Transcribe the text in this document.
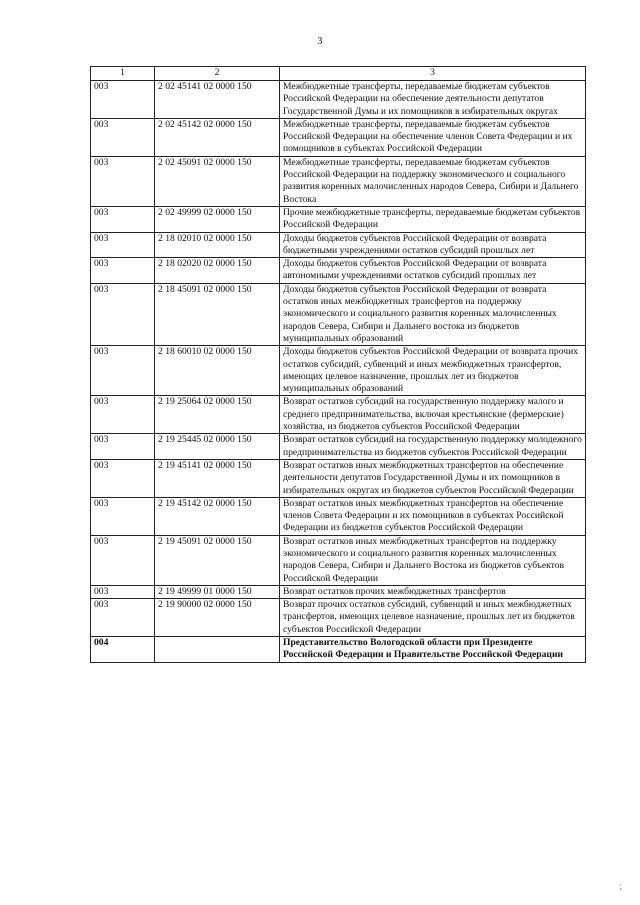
3
1	2	3
003	2 02 45141 02 0000 150	Межбюджетные трансферты, передаваемые бюджетам субъектов Российской Федерации на обеспечение деятельности депутатов Государственной Думы и их помощников в избирательных округах
003	2 02 45142 02 0000 150	Межбюджетные трансферты, передаваемые бюджетам субъектов Российской Федерации на обеспечение членов Совета Федерации и их помощников в субъектах Российской Федерации
003	2 02 45091 02 0000 150	Межбюджетные трансферты, передаваемые бюджетам субъектов Российской Федерации на поддержку экономического и социального развития коренных малочисленных народов Севера, Сибири и Дальнего Востока
003	2 02 49999 02 0000 150	Прочие межбюджетные трансферты, передаваемые бюджетам субъектов Российской Федерации
003	2 18 02010 02 0000 150	Доходы бюджетов субъектов Российской Федерации от возврата бюджетными учреждениями остатков субсидий прошлых лет
003	2 18 02020 02 0000 150	Доходы бюджетов субъектов Российской Федерации от возврата автономными учреждениями остатков субсидий прошлых лет
003	2 18 45091 02 0000 150	Доходы бюджетов субъектов Российской Федерации от возврата остатков иных межбюджетных трансфертов на поддержку экономического и социального развития коренных малочисленных народов Севера, Сибири и Дальнего востока из бюджетов муниципальных образований
003	2 18 60010 02 0000 150	Доходы бюджетов субъектов Российской Федерации от возврата прочих остатков субсидий, субвенций и иных межбюджетных трансфертов, имеющих целевое назначение, прошлых лет из бюджетов муниципальных образований
003	2 19 25064 02 0000 150	Возврат остатков субсидий на государственную поддержку малого и среднего предпринимательства, включая крестьянские (фермерские) хозяйства, из бюджетов субъектов Российской Федерации
003	2 19 25445 02 0000 150	Возврат остатков субсидий на государственную поддержку молодежного предпринимательства из бюджетов субъектов Российской Федерации
003	2 19 45141 02 0000 150	Возврат остатков иных межбюджетных трансфертов на обеспечение деятельности депутатов Государственной Думы и их помощников в избирательных округах из бюджетов субъектов Российской Федерации
003	2 19 45142 02 0000 150	Возврат остатков иных межбюджетных трансфертов на обеспечение членов Совета Федерации и их помощников в субъектах Российской Федерации из бюджетов субъектов Российской Федерации
003	2 19 45091 02 0000 150	Возврат остатков иных межбюджетных трансфертов на поддержку экономического и социального развития коренных малочисленных народов Севера, Сибири и Дальнего Востока из бюджетов субъектов Российской Федерации
003	2 19 49999 01 0000 150	Возврат остатков прочих межбюджетных трансфертов
003	2 19 90000 02 0000 150	Возврат прочих остатков субсидий, субвенций и иных межбюджетных трансфертов, имеющих целевое назначение, прошлых лет из бюджетов субъектов Российской Федерации
004		Представительство Вологодской области при Президенте Российской Федерации и Правительстве Российской Федерации
;
